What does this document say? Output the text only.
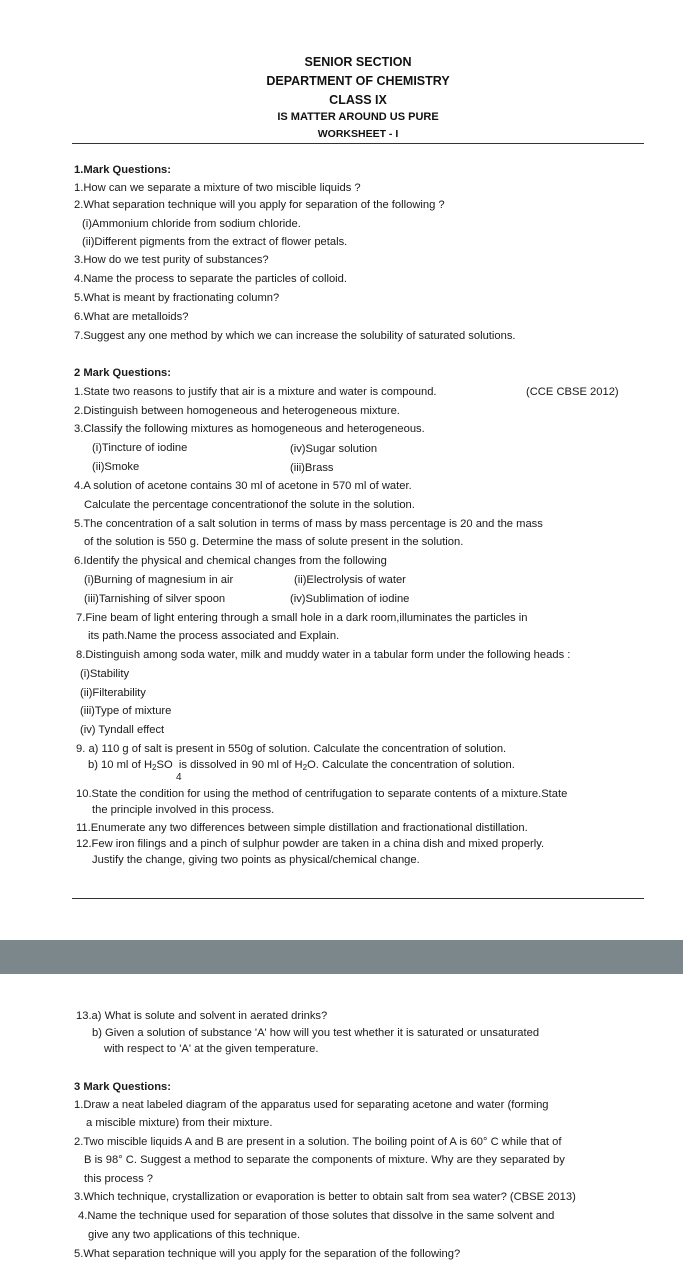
SENIOR SECTION
DEPARTMENT OF CHEMISTRY
CLASS IX
IS MATTER AROUND US PURE
WORKSHEET - I
1.Mark Questions:
1.How can we separate a mixture of two miscible liquids ?
2.What separation technique will you apply for separation of the following ?
(i)Ammonium chloride from sodium chloride.
(ii)Different pigments from the extract of flower petals.
3.How do we test purity of substances?
4.Name the process to separate the particles of colloid.
5.What is meant by fractionating column?
6.What are metalloids?
7.Suggest any one method by which we can increase the solubility of saturated solutions.
2 Mark Questions:
1.State two reasons to justify that air is a mixture and water is compound.	(CCE CBSE 2012)
2.Distinguish between homogeneous and heterogeneous mixture.
3.Classify the following mixtures as homogeneous and heterogeneous.
(i)Tincture of iodine	(iv)Sugar solution
(ii)Smoke	(iii)Brass
4.A solution of acetone contains 30 ml of acetone in 570 ml of water.
Calculate the percentage concentrationof the solute in the solution.
5.The concentration of a salt solution in terms of mass by mass percentage is 20 and the mass
of the solution is 550 g. Determine the mass of solute present in the solution.
6.Identify the physical and chemical changes from the following
(i)Burning of magnesium in air	(ii)Electrolysis of water
(iii)Tarnishing of silver spoon	(iv)Sublimation of iodine
7.Fine beam of light entering through a small hole in a dark room,illuminates the particles in
its path.Name the process associated and Explain.
8.Distinguish among soda water, milk and muddy water in a tabular form under the following heads :
(i)Stability
(ii)Filterability
(iii)Type of mixture
(iv) Tyndall effect
9. a) 110 g of salt is present in 550g of solution. Calculate the concentration of solution.
b) 10 ml of $H_2SO$ is dissolved in 90 ml of $H_2O$. Calculate the concentration of solution.
4
10.State the condition for using the method of centrifugation to separate contents of a mixture.State
the principle involved in this process.
11.Enumerate any two differences between simple distillation and fractionational distillation.
12.Few iron filings and a pinch of sulphur powder are taken in a china dish and mixed properly.
Justify the change, giving two points as physical/chemical change.
13.a) What is solute and solvent in aerated drinks?
b) Given a solution of substance 'A' how will you test whether it is saturated or unsaturated
with respect to 'A' at the given temperature.
3 Mark Questions:
1.Draw a neat labeled diagram of the apparatus used for separating acetone and water (forming
a miscible mixture) from their mixture.
2.Two miscible liquids A and B are present in a solution. The boiling point of A is 60° C while that of
B is 98° C. Suggest a method to separate the components of mixture. Why are they separated by
this process ?
3.Which technique, crystallization or evaporation is better to obtain salt from sea water? (CBSE 2013)
4.Name the technique used for separation of those solutes that dissolve in the same solvent and
give any two applications of this technique.
5.What separation technique will you apply for the separation of the following?
